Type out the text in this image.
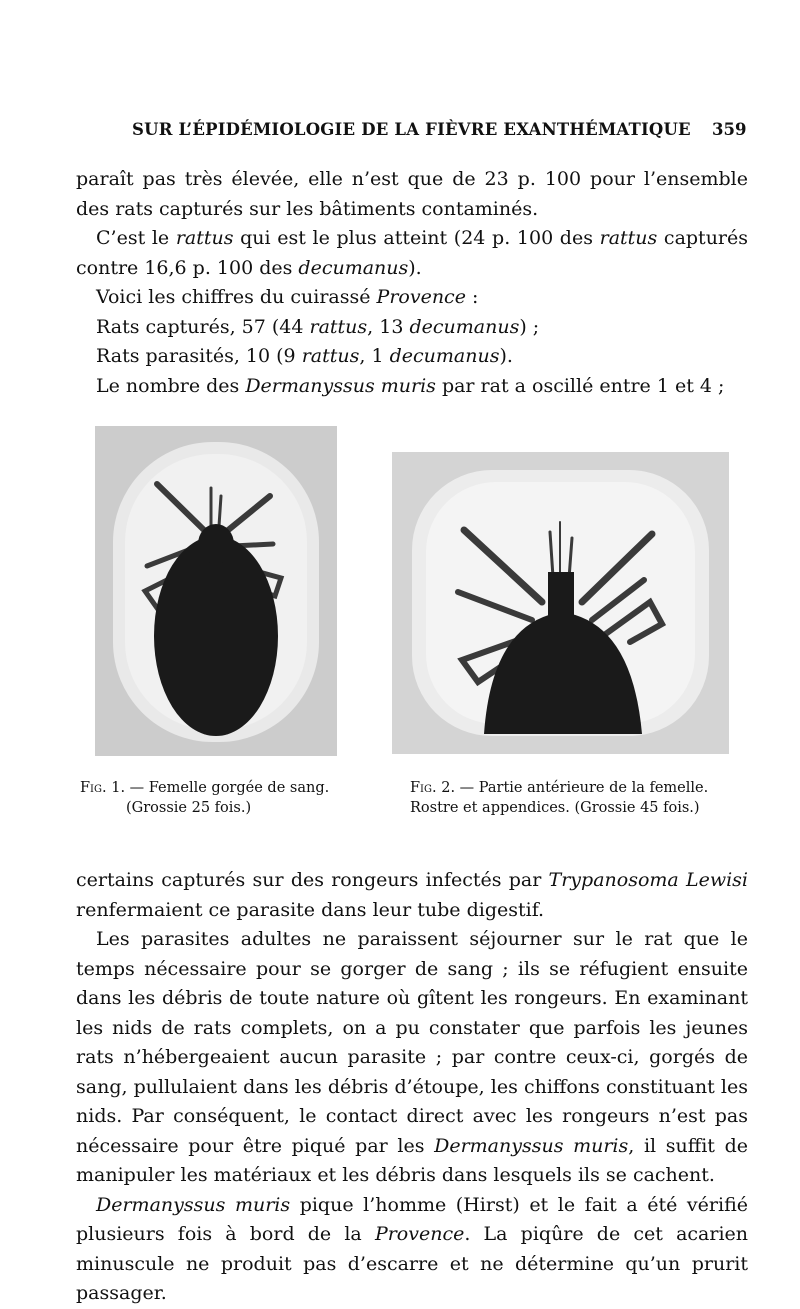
SUR L’ÉPIDÉMIOLOGIE DE LA FIÈVRE EXANTHÉMATIQUE 359

paraît pas très élevée, elle n’est que de 23 p. 100 pour l’ensemble des rats capturés sur les bâtiments contaminés.

C’est le rattus qui est le plus atteint (24 p. 100 des rattus capturés contre 16,6 p. 100 des decumanus).

Voici les chiffres du cuirassé Provence :

Rats capturés, 57 (44 rattus, 13 decumanus) ;

Rats parasités, 10 (9 rattus, 1 decumanus).

Le nombre des Dermanyssus muris par rat a oscillé entre 1 et 4 ;

Fig. 1. — Femelle gorgée de sang.
(Grossie 25 fois.)
Fig. 2. — Partie antérieure de la femelle.
Rostre et appendices. (Grossie 45 fois.)

certains capturés sur des rongeurs infectés par Trypanosoma Lewisi renfermaient ce parasite dans leur tube digestif.

Les parasites adultes ne paraissent séjourner sur le rat que le temps nécessaire pour se gorger de sang ; ils se réfugient ensuite dans les débris de toute nature où gîtent les rongeurs. En examinant les nids de rats complets, on a pu constater que parfois les jeunes rats n’hébergeaient aucun parasite ; par contre ceux-ci, gorgés de sang, pullulaient dans les débris d’étoupe, les chiffons constituant les nids. Par conséquent, le contact direct avec les rongeurs n’est pas nécessaire pour être piqué par les Dermanyssus muris, il suffit de manipuler les matériaux et les débris dans lesquels ils se cachent.

Dermanyssus muris pique l’homme (Hirst) et le fait a été vérifié plusieurs fois à bord de la Provence. La piqûre de cet acarien minuscule ne produit pas d’escarre et ne détermine qu’un prurit passager.
